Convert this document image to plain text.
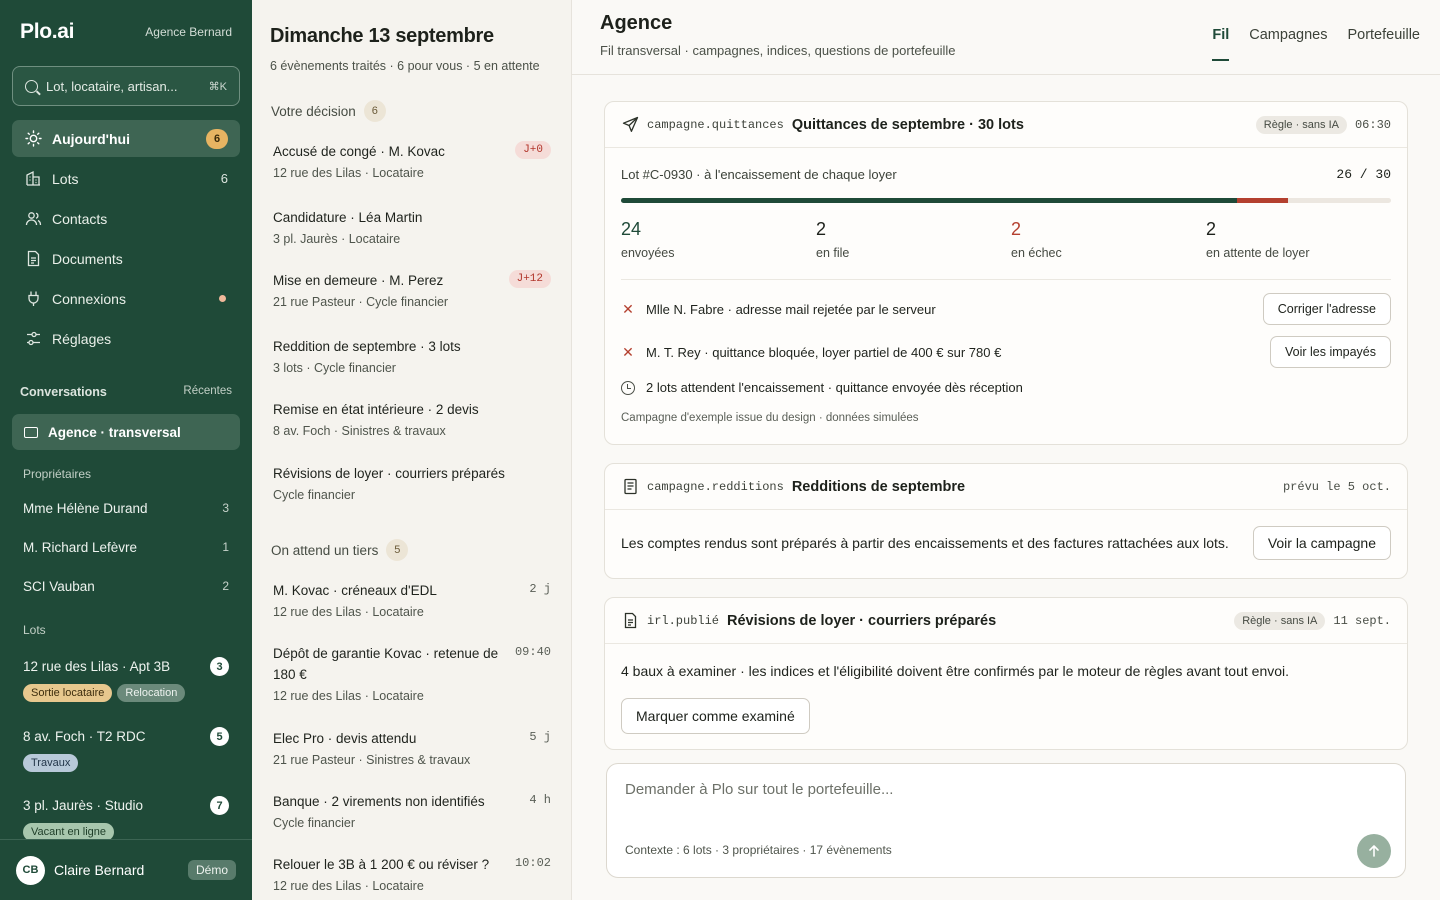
Plo.ai	Agence Bernard
Lot, locataire, artisan...	⌘K
Aujourd'hui	6
Lots	6
Contacts
Documents
Connexions
Réglages
Conversations	Récentes
Agence · transversal
Propriétaires
Mme Hélène Durand	3
M. Richard Lefèvre	1
SCI Vauban	2
Lots
12 rue des Lilas · Apt 3B	3
Sortie locataire	Relocation
8 av. Foch · T2 RDC	5
Travaux
3 pl. Jaurès · Studio	7
Vacant en ligne
CB	Claire Bernard	Démo
Dimanche 13 septembre
6 évènements traités · 6 pour vous · 5 en attente
Votre décision	6
Accusé de congé · M. Kovac	J+0
12 rue des Lilas · Locataire
Candidature · Léa Martin
3 pl. Jaurès · Locataire
Mise en demeure · M. Perez	J+12
21 rue Pasteur · Cycle financier
Reddition de septembre · 3 lots
3 lots · Cycle financier
Remise en état intérieure · 2 devis
8 av. Foch · Sinistres & travaux
Révisions de loyer · courriers préparés
Cycle financier
On attend un tiers	5
M. Kovac · créneaux d'EDL	2 j
12 rue des Lilas · Locataire
Dépôt de garantie Kovac · retenue de 180 €
09:40
12 rue des Lilas · Locataire
Elec Pro · devis attendu	5 j
21 rue Pasteur · Sinistres & travaux
Banque · 2 virements non identifiés	4 h
Cycle financier
Relouer le 3B à 1 200 € ou réviser ? 10:02
12 rue des Lilas · Locataire
Agence
Fil transversal · campagnes, indices, questions de portefeuille
Fil Campagnes Portefeuille
campagne.quittances Quittances de septembre · 30 lots	Règle · sans IA	06:30
Lot #C-0930 · à l'encaissement de chaque loyer	26 / 30
24
envoyées
2
en file
2
en échec
2
en attente de loyer
✕ Mlle N. Fabre · adresse mail rejetée par le serveur	Corriger l'adresse
✕ M. T. Rey · quittance bloquée, loyer partiel de 400 € sur 780 €	Voir les impayés
2 lots attendent l'encaissement · quittance envoyée dès réception
Campagne d'exemple issue du design · données simulées
campagne.redditions Redditions de septembre	prévu le 5 oct.
Les comptes rendus sont préparés à partir des encaissements et des factures rattachées aux lots.	Voir la campagne
irl.publié Révisions de loyer · courriers préparés	Règle · sans IA	11 sept.
4 baux à examiner · les indices et l'éligibilité doivent être confirmés par le moteur de règles avant tout envoi.
Marquer comme examiné
Demander à Plo sur tout le portefeuille...
Contexte : 6 lots · 3 propriétaires · 17 évènements
